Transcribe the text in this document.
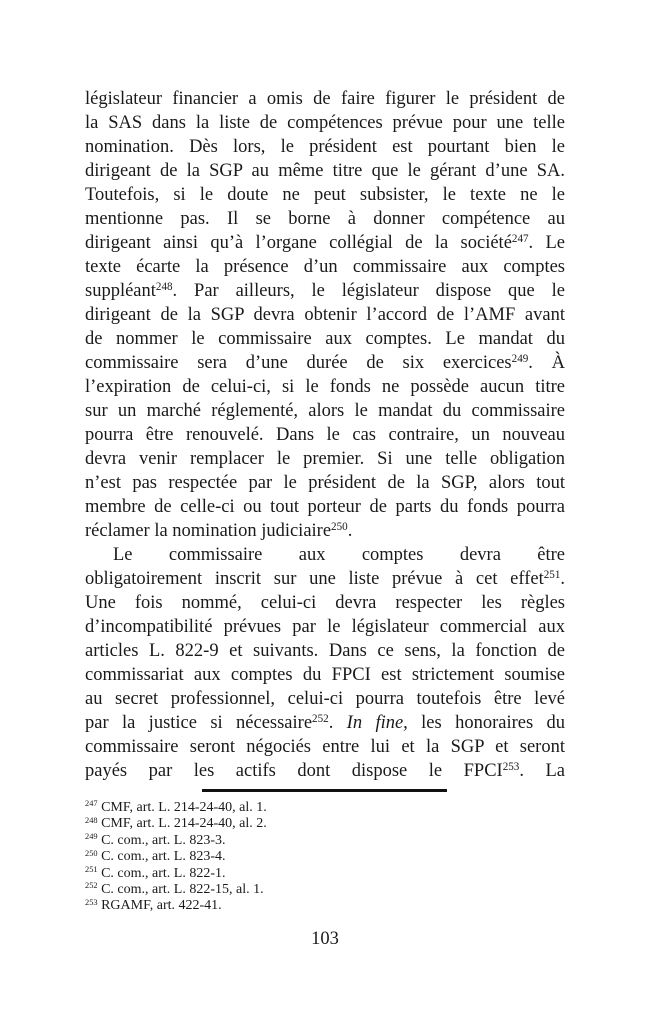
législateur financier a omis de faire figurer le président de
la SAS dans la liste de compétences prévue pour une telle
nomination. Dès lors, le président est pourtant bien le
dirigeant de la SGP au même titre que le gérant d’une SA.
Toutefois, si le doute ne peut subsister, le texte ne le
mentionne pas. Il se borne à donner compétence au
dirigeant ainsi qu’à l’organe collégial de la société$^{247}$. Le
texte écarte la présence d’un commissaire aux comptes
suppléant$^{248}$. Par ailleurs, le législateur dispose que le
dirigeant de la SGP devra obtenir l’accord de l’AMF avant
de nommer le commissaire aux comptes. Le mandat du
commissaire sera d’une durée de six exercices$^{249}$. À
l’expiration de celui-ci, si le fonds ne possède aucun titre
sur un marché réglementé, alors le mandat du commissaire
pourra être renouvelé. Dans le cas contraire, un nouveau
devra venir remplacer le premier. Si une telle obligation
n’est pas respectée par le président de la SGP, alors tout
membre de celle-ci ou tout porteur de parts du fonds pourra
réclamer la nomination judiciaire$^{250}$.
Le commissaire aux comptes devra être
obligatoirement inscrit sur une liste prévue à cet effet$^{251}$.
Une fois nommé, celui-ci devra respecter les règles
d’incompatibilité prévues par le législateur commercial aux
articles L. 822-9 et suivants. Dans ce sens, la fonction de
commissariat aux comptes du FPCI est strictement soumise
au secret professionnel, celui-ci pourra toutefois être levé
par la justice si nécessaire$^{252}$. In fine, les honoraires du
commissaire seront négociés entre lui et la SGP et seront
payés par les actifs dont dispose le FPCI$^{253}$. La
$^{247}$ CMF, art. L. 214-24-40, al. 1.
$^{248}$ CMF, art. L. 214-24-40, al. 2.
$^{249}$ C. com., art. L. 823-3.
$^{250}$ C. com., art. L. 823-4.
$^{251}$ C. com., art. L. 822-1.
$^{252}$ C. com., art. L. 822-15, al. 1.
$^{253}$ RGAMF, art. 422-41.
103
